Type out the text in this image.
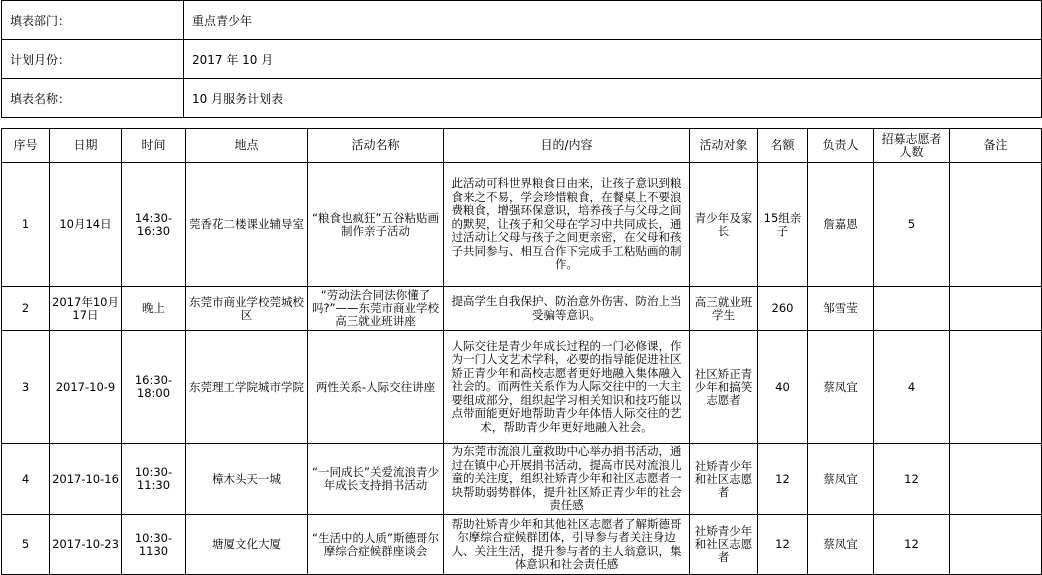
填表部门：	重点青少年
计划月份：	2017 年 10 月
填表名称：	10 月服务计划表
序号	日期	时间	地点	活动名称	目的/内容	活动对象	名额	负责人	招募志愿者人数	备注
1	10月14日	14:30-16:30	莞香花二楼课业辅导室	“粮食也疯狂”五谷粘贴画制作亲子活动	此活动可科世界粮食日由来，让孩子意识到粮食来之不易，学会珍惜粮食，在餐桌上不要浪费粮食，增强环保意识，培养孩子与父母之间的默契，让孩子和父母在学习中共同成长，通过活动让父母与孩子之间更亲密，在父母和孩子共同参与、相互合作下完成手工粘贴画的制作。	青少年及家长	15组亲子	詹嘉恩	5	
2	2017年10月17日	晚上	东莞市商业学校莞城校区	“劳动法合同法你懂了吗?”——东莞市商业学校高三就业班讲座	提高学生自我保护、防治意外伤害、防治上当受骗等意识。	高三就业班学生	260	邹雪莹		
3	2017-10-9	16:30-18:00	东莞理工学院城市学院	两性关系-人际交往讲座	人际交往是青少年成长过程的一门必修课，作为一门人文艺术学科，必要的指导能促进社区矫正青少年和高校志愿者更好地融入集体融入社会的。而两性关系作为人际交往中的一大主要组成部分，组织起学习相关知识和技巧能以点带面能更好地帮助青少年体悟人际交往的艺术，帮助青少年更好地融入社会。	社区矫正青少年和搞笑志愿者	40	蔡凤宜	4	
4	2017-10-16	10:30-11:30	樟木头天一城	“一同成长”关爱流浪青少年成长支持捐书活动	为东莞市流浪儿童救助中心举办捐书活动，通过在镇中心开展捐书活动，提高市民对流浪儿童的关注度，组织社矫青少年和社区志愿者一块帮助弱势群体，提升社区矫正青少年的社会责任感	社矫青少年和社区志愿者	12	蔡凤宜	12	
5	2017-10-23	10:30-1130	塘厦文化大厦	“生活中的人质”斯德哥尔摩综合症候群座谈会	帮助社矫青少年和其他社区志愿者了解斯德哥尔摩综合症候群团体，引导参与者关注身边人、关注生活，提升参与者的主人翁意识，集体意识和社会责任感	社矫青少年和社区志愿者	12	蔡凤宜	12	
